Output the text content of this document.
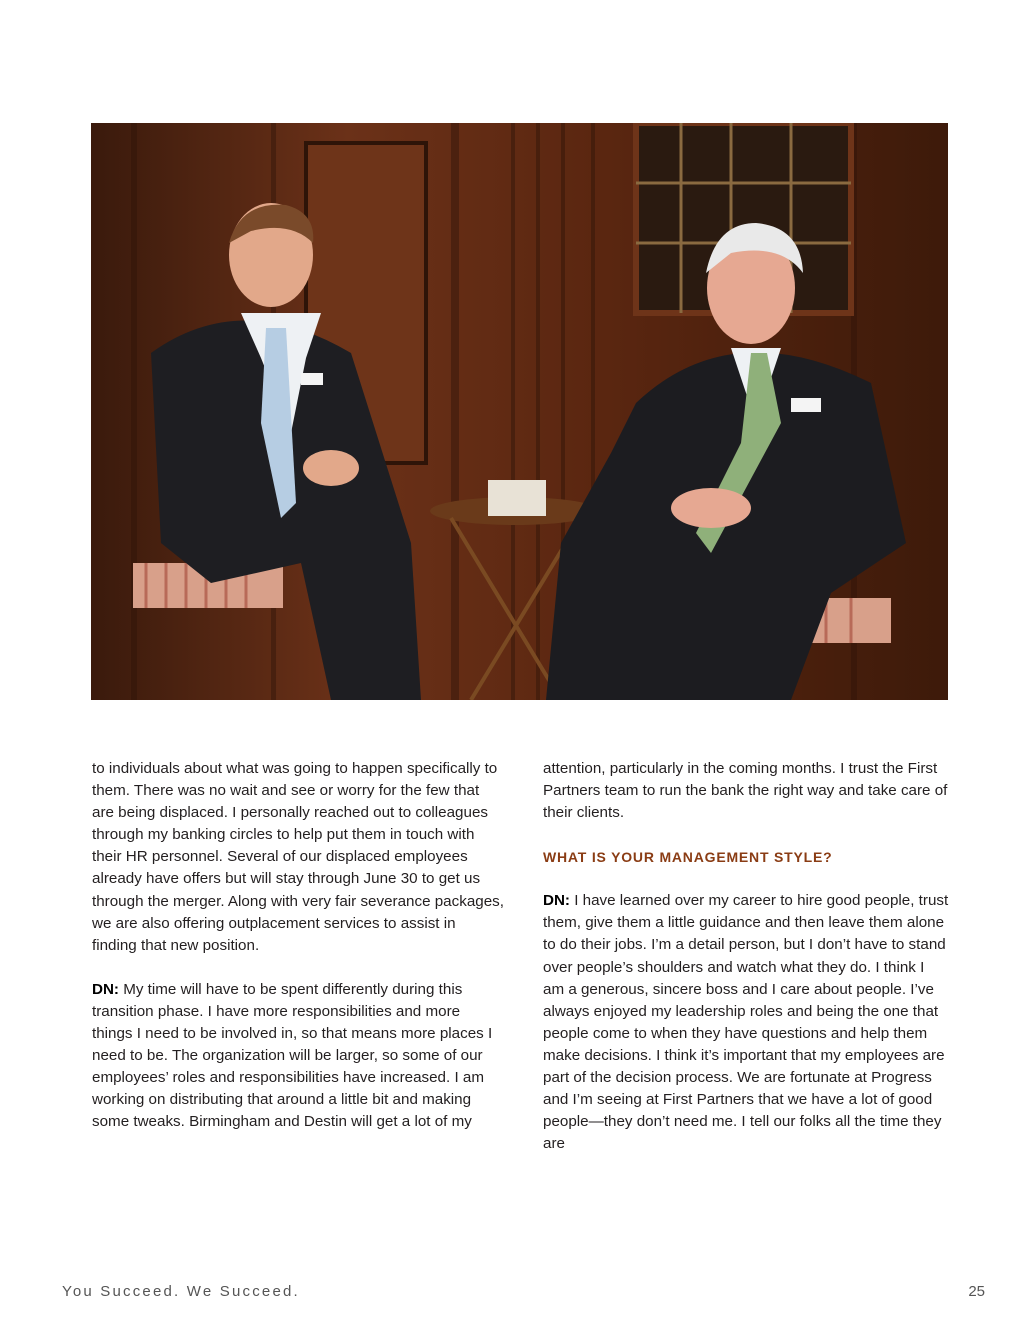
to individuals about what was going to happen specifically to them. There was no wait and see or worry for the few that are being displaced. I personally reached out to colleagues through my banking circles to help put them in touch with their HR personnel. Several of our displaced employees already have offers but will stay through June 30 to get us through the merger. Along with very fair severance packages, we are also offering outplacement services to assist in finding that new position.

DN: My time will have to be spent differently during this transition phase. I have more responsibilities and more things I need to be involved in, so that means more places I need to be. The organization will be larger, so some of our employees’ roles and responsibilities have increased. I am working on distributing that around a little bit and making some tweaks. Birmingham and Destin will get a lot of my

attention, particularly in the coming months. I trust the First Partners team to run the bank the right way and take care of their clients.

WHAT IS YOUR MANAGEMENT STYLE?

DN: I have learned over my career to hire good people, trust them, give them a little guidance and then leave them alone to do their jobs. I’m a detail person, but I don’t have to stand over people’s shoulders and watch what they do. I think I am a generous, sincere boss and I care about people. I’ve always enjoyed my leadership roles and being the one that people come to when they have questions and help them make decisions. I think it’s important that my employees are part of the decision process. We are fortunate at Progress and I’m seeing at First Partners that we have a lot of good people—they don’t need me. I tell our folks all the time they are

You Succeed. We Succeed.	25
